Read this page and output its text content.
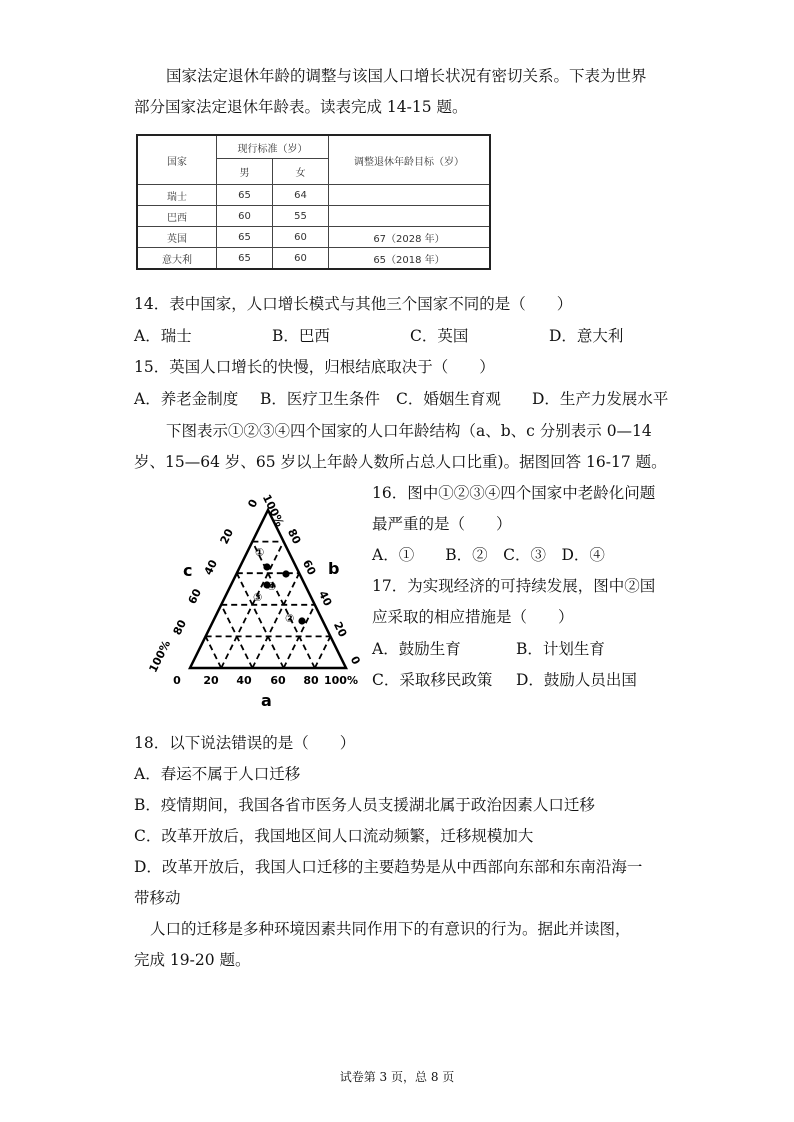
国家法定退休年龄的调整与该国人口增长状况有密切关系。下表为世界
部分国家法定退休年龄表。读表完成 14-15 题。
国家	现行标准（岁）		调整退休年龄目标（岁）
	男	女	
瑞士	65	64	
巴西	60	55	
英国	65	60	67（2028 年）
意大利	65	60	65（2018 年）
14．表中国家，人口增长模式与其他三个国家不同的是（　　）
A．瑞士	B．巴西	C．英国	D．意大利
15．英国人口增长的快慢，归根结底取决于（　　）
A．养老金制度 B．医疗卫生条件 C．婚姻生育观 D．生产力发展水平
下图表示①②③④四个国家的人口年龄结构（a、b、c 分别表示 0—14
岁、15—64 岁、65 岁以上年龄人数所占总人口比重)。据图回答 16-17 题。
0 20 40 60 80 100%
100%
80
60
40
20
0 100%
80
60
40
20
0
a
b
c
①
②
③
④
16．图中①②③④四个国家中老龄化问题
最严重的是（　　）
A．①　　B．②　C．③　D．④
17．为实现经济的可持续发展，图中②国
应采取的相应措施是（　　）
A．鼓励生育	B．计划生育
C．采取移民政策 D．鼓励人员出国
18．以下说法错误的是（　　）
A．春运不属于人口迁移
B．疫情期间，我国各省市医务人员支援湖北属于政治因素人口迁移
C．改革开放后，我国地区间人口流动频繁，迁移规模加大
D．改革开放后，我国人口迁移的主要趋势是从中西部向东部和东南沿海一
带移动
人口的迁移是多种环境因素共同作用下的有意识的行为。据此并读图，
完成 19-20 题。
试卷第 3 页，总 8 页
